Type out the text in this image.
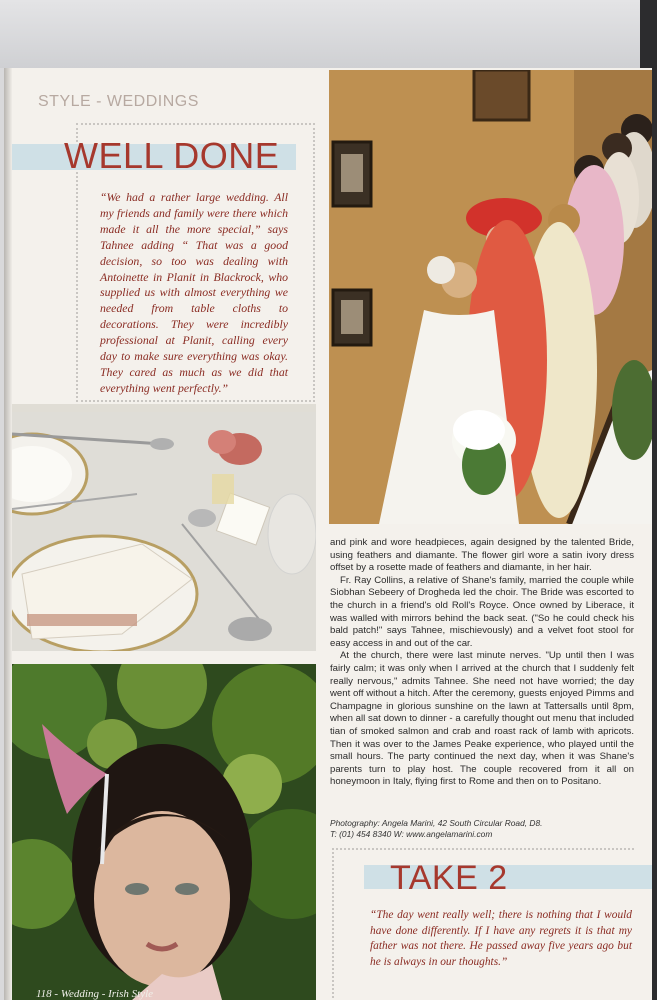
STYLE - WEDDINGS
WELL DONE
“We had a rather large wedding. All my friends and family were there which made it all the more special,” says Tahnee adding “ That was a good decision, so too was dealing with Antoinette in Planit in Blackrock, who supplied us with almost everything we needed from table cloths to decorations. They were incredibly professional at Planit, calling every day to make sure everything was okay. They cared as much as we did that everything went perfectly.”
118 - Wedding - Irish Style

and pink and wore headpieces, again designed by the talented Bride, using feathers and diamante. The flower girl wore a satin ivory dress offset by a rosette made of feathers and diamante, in her hair.

Fr. Ray Collins, a relative of Shane's family, married the couple while Siobhan Sebeery of Drogheda led the choir. The Bride was escorted to the church in a friend's old Roll's Royce. Once owned by Liberace, it was walled with mirrors behind the back seat. ("So he could check his bald patch!" says Tahnee, mischievously) and a velvet foot stool for easy access in and out of the car.

At the church, there were last minute nerves. "Up until then I was fairly calm; it was only when I arrived at the church that I suddenly felt really nervous," admits Tahnee. She need not have worried; the day went off without a hitch. After the ceremony, guests enjoyed Pimms and Champagne in glorious sunshine on the lawn at Tattersalls until 8pm, when all sat down to dinner - a carefully thought out menu that included tian of smoked salmon and crab and roast rack of lamb with apricots. Then it was over to the James Peake experience, who played until the small hours. The party continued the next day, when it was Shane's parents turn to play host. The couple recovered from it all on honeymoon in Italy, flying first to Rome and then on to Positano.

Photography: Angela Marini, 42 South Circular Road, D8.
T: (01) 454 8340 W: www.angelamarini.com
TAKE 2
“The day went really well; there is nothing that I would have done differently. If I have any regrets it is that my father was not there. He passed away five years ago but he is always in our thoughts.”
